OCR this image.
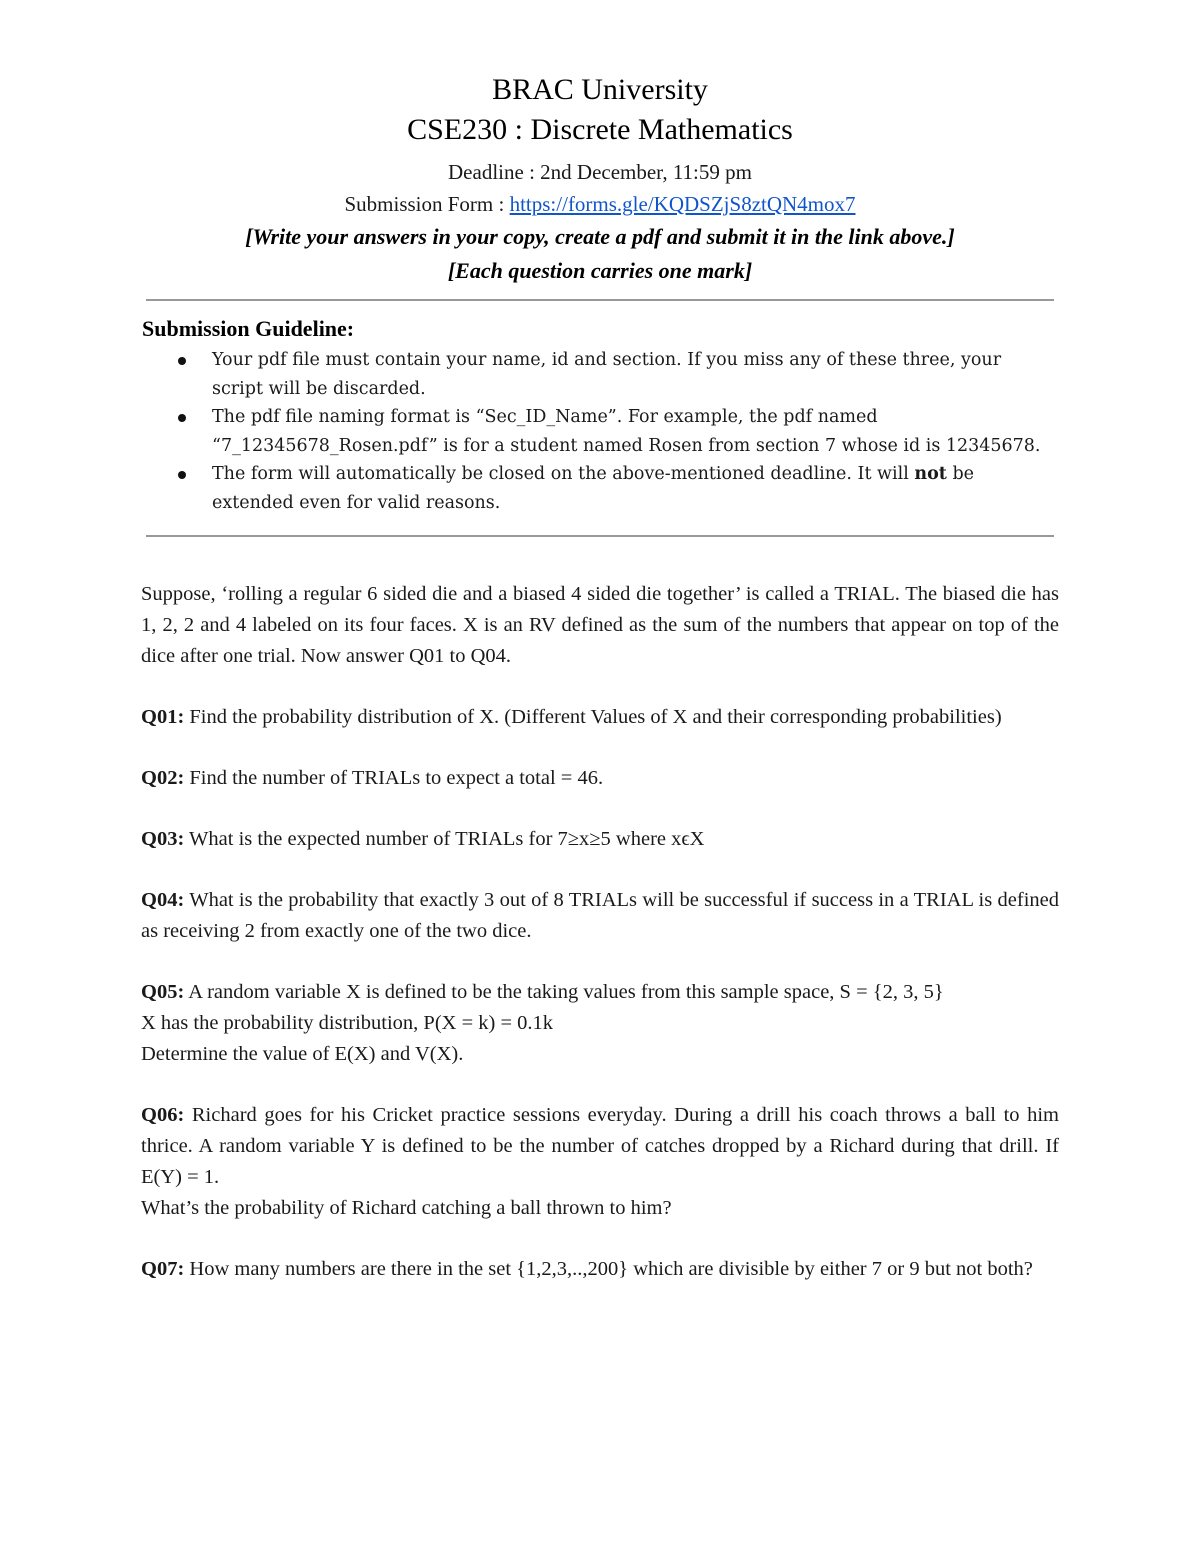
BRAC University
CSE230 : Discrete Mathematics
Deadline : 2nd December, 11:59 pm
Submission Form : https://forms.gle/KQDSZjS8ztQN4mox7
[Write your answers in your copy, create a pdf and submit it in the link above.]
[Each question carries one mark]
Submission Guideline:
Your pdf file must contain your name, id and section. If you miss any of these three, your script will be discarded.
The pdf file naming format is “Sec_ID_Name”. For example, the pdf named “7_12345678_Rosen.pdf” is for a student named Rosen from section 7 whose id is 12345678.
The form will automatically be closed on the above-mentioned deadline. It will not be extended even for valid reasons.

Suppose, ‘rolling a regular 6 sided die and a biased 4 sided die together’ is called a TRIAL. The biased die has 1, 2, 2 and 4 labeled on its four faces. X is an RV defined as the sum of the numbers that appear on top of the dice after one trial. Now answer Q01 to Q04.

Q01: Find the probability distribution of X. (Different Values of X and their corresponding probabilities)

Q02: Find the number of TRIALs to expect a total = 46.

Q03: What is the expected number of TRIALs for 7≥x≥5 where xϵX

Q04: What is the probability that exactly 3 out of 8 TRIALs will be successful if success in a TRIAL is defined as receiving 2 from exactly one of the two dice.

Q05: A random variable X is defined to be the taking values from this sample space, S = {2, 3, 5}

X has the probability distribution, P(X = k) = 0.1k

Determine the value of E(X) and V(X).

Q06: Richard goes for his Cricket practice sessions everyday. During a drill his coach throws a ball to him thrice. A random variable Y is defined to be the number of catches dropped by a Richard during that drill. If E(Y) = 1.

What’s the probability of Richard catching a ball thrown to him?

Q07: How many numbers are there in the set {1,2,3,..,200} which are divisible by either 7 or 9 but not both?
